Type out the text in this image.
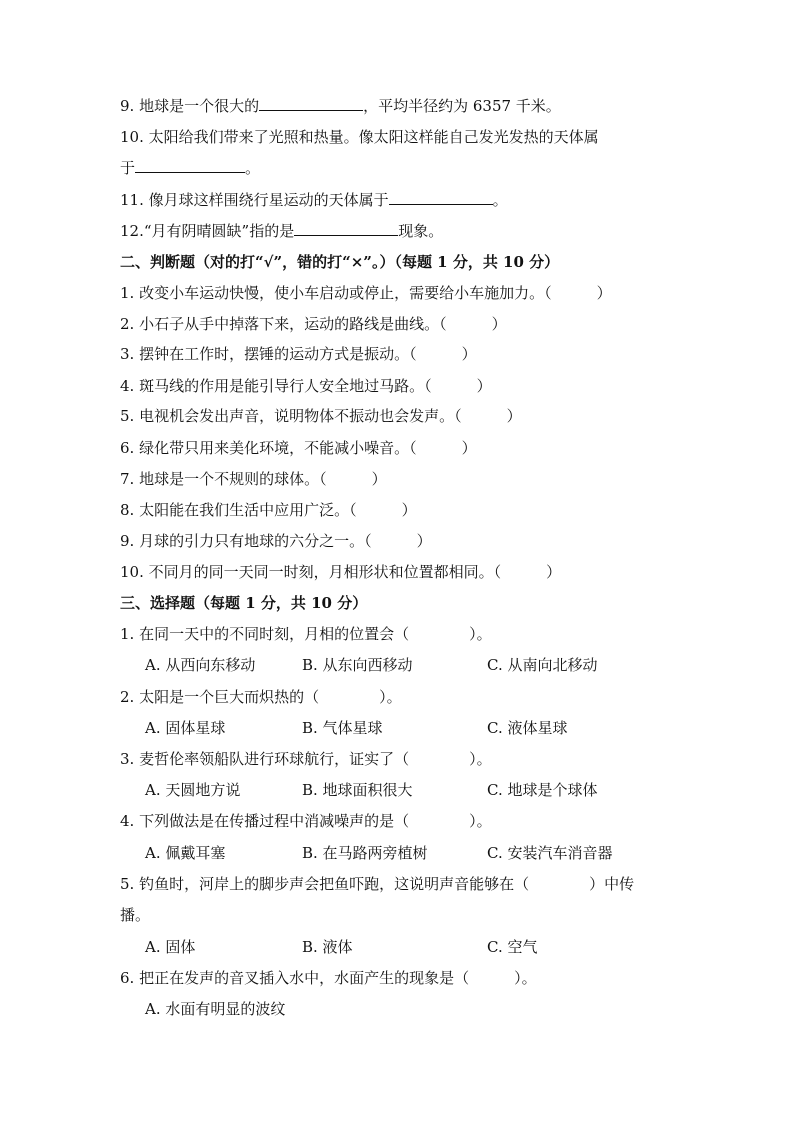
9. 地球是一个很大的	，平均半径约为 6357 千米。
10. 太阳给我们带来了光照和热量。像太阳这样能自己发光发热的天体属
于	。
11. 像月球这样围绕行星运动的天体属于	。
12.“月有阴晴圆缺”指的是	现象。
二、判断题（对的打“√”，错的打“×”。）（每题 1 分，共 10 分）
1. 改变小车运动快慢，使小车启动或停止，需要给小车施加力。（　　　）
2. 小石子从手中掉落下来，运动的路线是曲线。（　　　）
3. 摆钟在工作时，摆锤的运动方式是振动。（　　　）
4. 斑马线的作用是能引导行人安全地过马路。（　　　）
5. 电视机会发出声音，说明物体不振动也会发声。（　　　）
6. 绿化带只用来美化环境，不能减小噪音。（　　　）
7. 地球是一个不规则的球体。（　　　）
8. 太阳能在我们生活中应用广泛。（　　　）
9. 月球的引力只有地球的六分之一。（　　　）
10. 不同月的同一天同一时刻，月相形状和位置都相同。（　　　）
三、选择题（每题 1 分，共 10 分）
1. 在同一天中的不同时刻，月相的位置会（　　　　）。
A. 从西向东移动	B. 从东向西移动	C. 从南向北移动
2. 太阳是一个巨大而炽热的（　　　　）。
A. 固体星球	B. 气体星球	C. 液体星球
3. 麦哲伦率领船队进行环球航行，证实了（　　　　）。
A. 天圆地方说	B. 地球面积很大	C. 地球是个球体
4. 下列做法是在传播过程中消减噪声的是（　　　　）。
A. 佩戴耳塞	B. 在马路两旁植树	C. 安装汽车消音器
5. 钓鱼时，河岸上的脚步声会把鱼吓跑，这说明声音能够在（　　　　）中传
播。
A. 固体	B. 液体	C. 空气
6. 把正在发声的音叉插入水中，水面产生的现象是（　　　）。
A. 水面有明显的波纹
